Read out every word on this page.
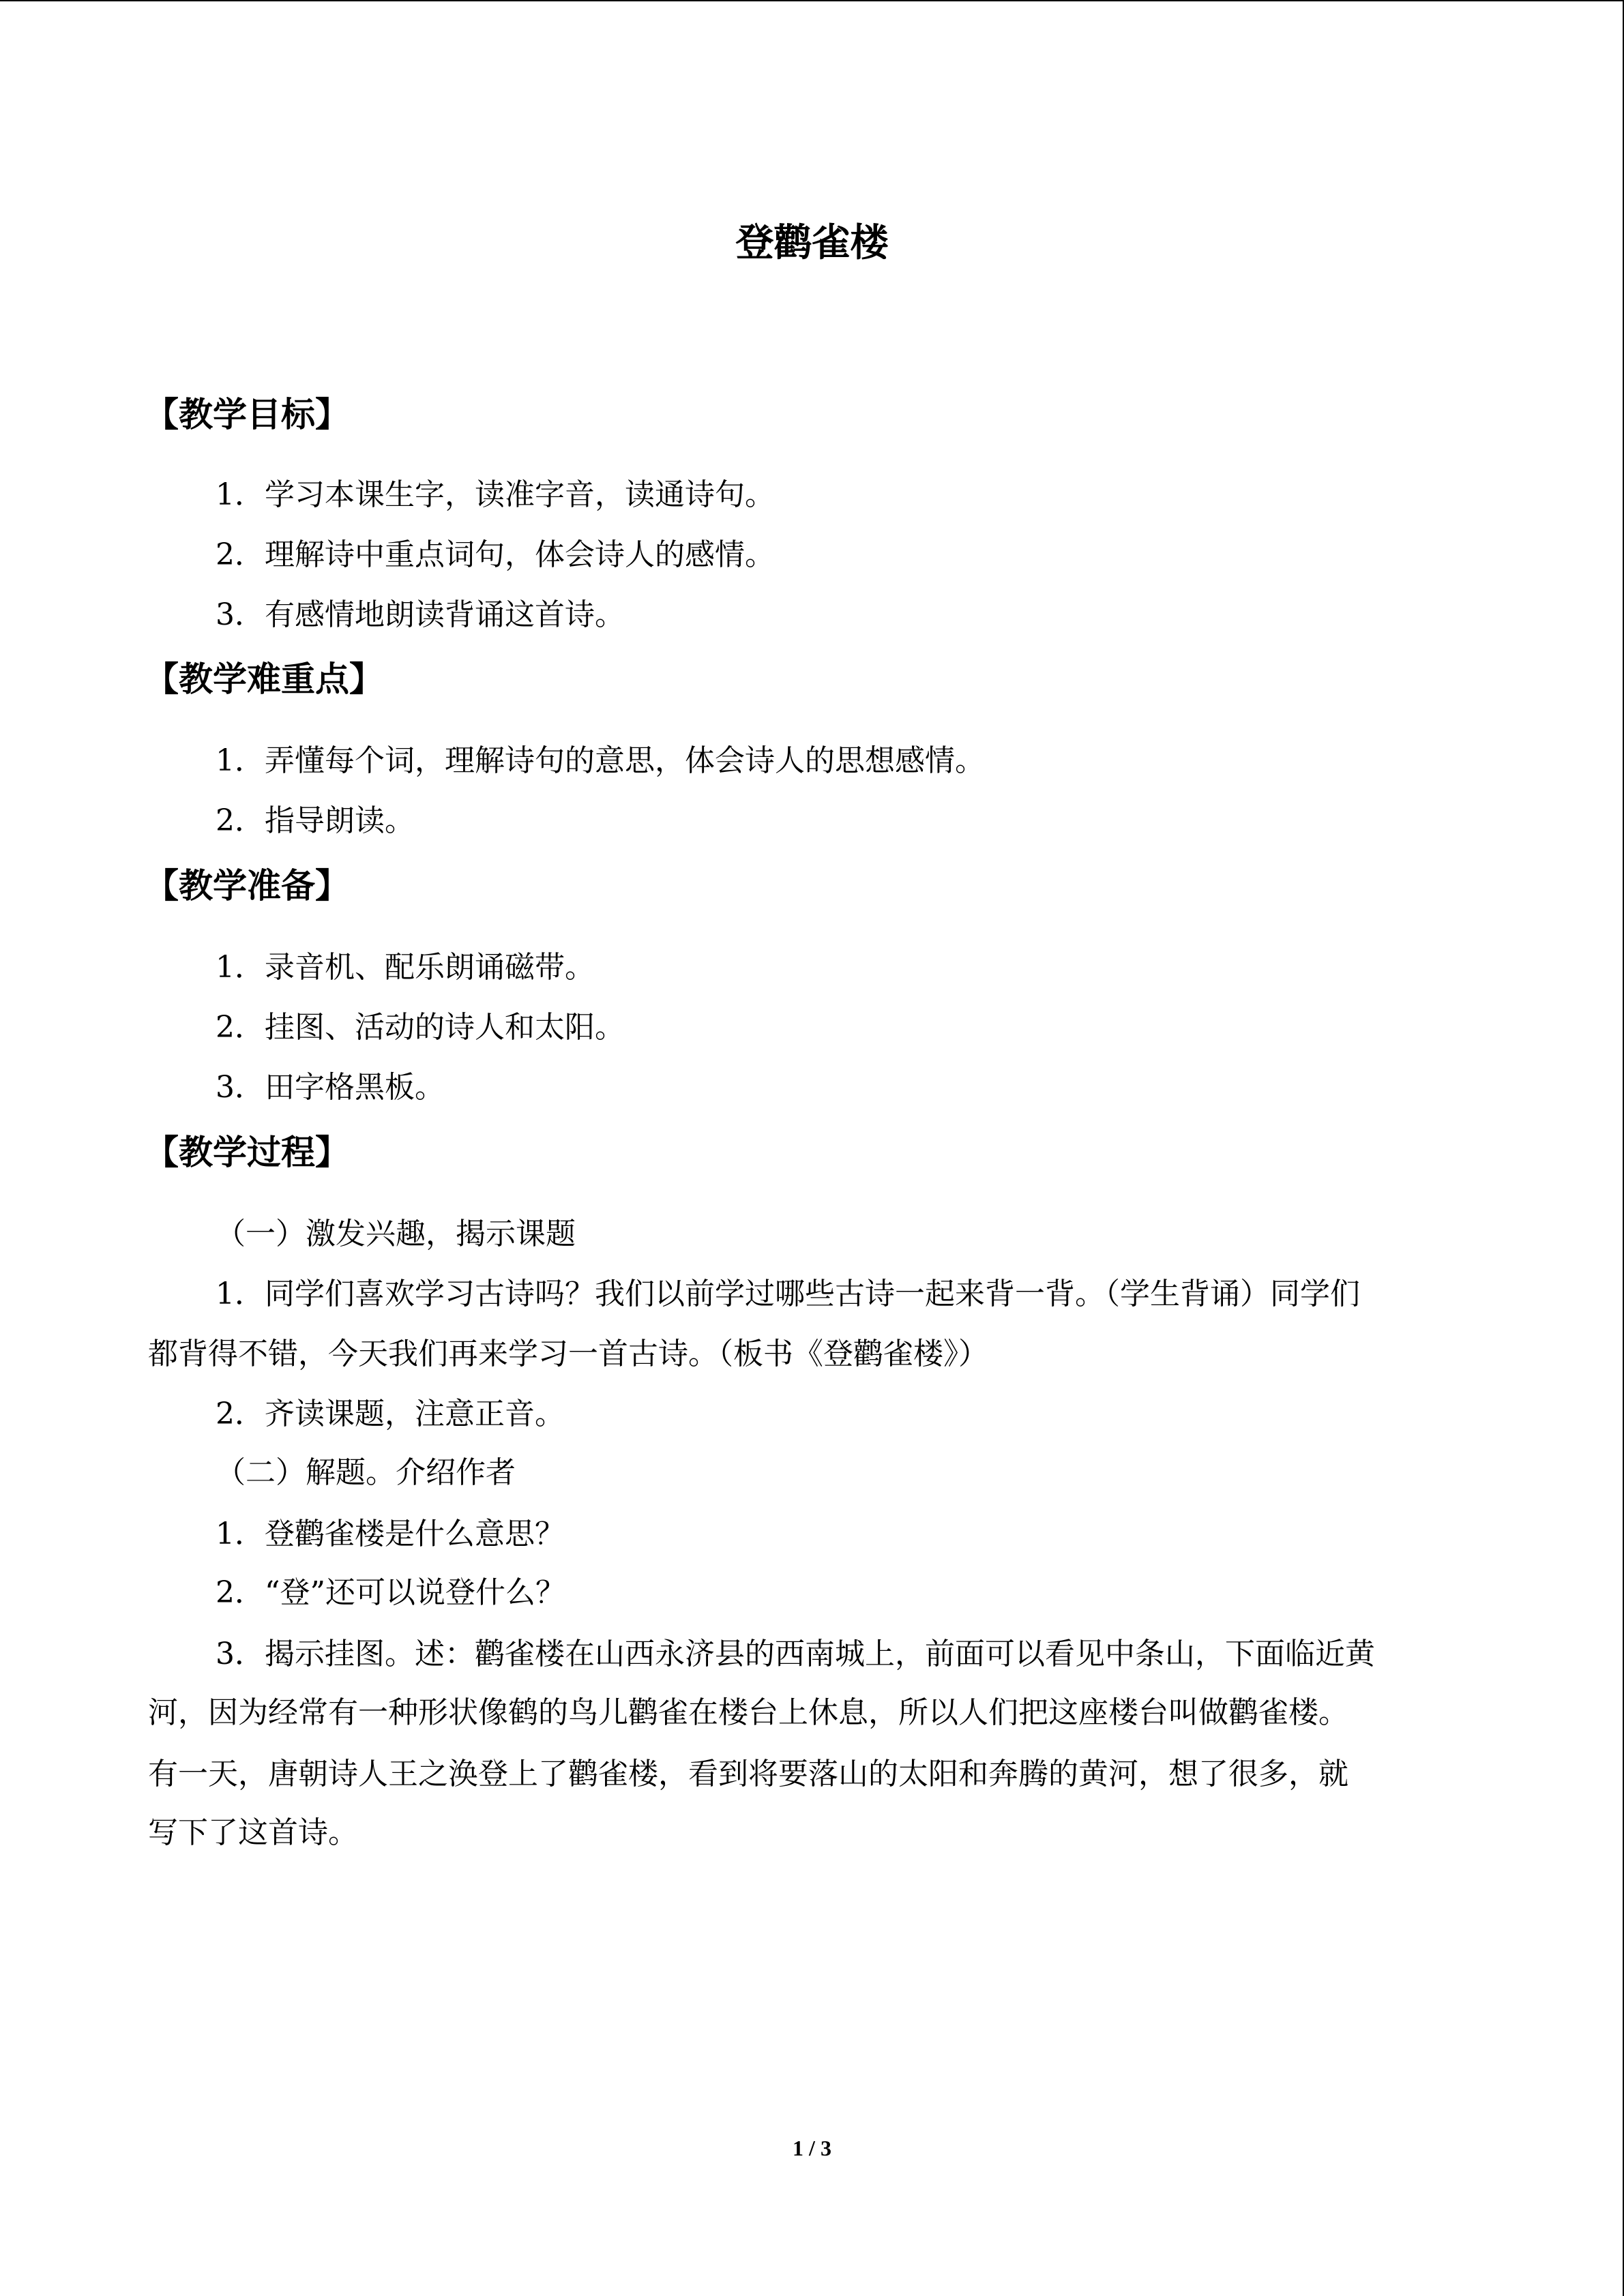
登鹳雀楼
【教学目标】
1．学习本课生字，读准字音，读通诗句。
2．理解诗中重点词句，体会诗人的感情。
3．有感情地朗读背诵这首诗。
【教学难重点】
1．弄懂每个词，理解诗句的意思，体会诗人的思想感情。
2．指导朗读。
【教学准备】
1．录音机、配乐朗诵磁带。
2．挂图、活动的诗人和太阳。
3．田字格黑板。
【教学过程】
（一）激发兴趣，揭示课题
1．同学们喜欢学习古诗吗？我们以前学过哪些古诗一起来背一背。（学生背诵）同学们
都背得不错，今天我们再来学习一首古诗。（板书《登鹳雀楼》）
2．齐读课题，注意正音。
（二）解题。介绍作者
1．登鹳雀楼是什么意思？
2．“登”还可以说登什么？
3．揭示挂图。述：鹳雀楼在山西永济县的西南城上，前面可以看见中条山，下面临近黄
河，因为经常有一种形状像鹤的鸟儿鹳雀在楼台上休息，所以人们把这座楼台叫做鹳雀楼。
有一天，唐朝诗人王之涣登上了鹳雀楼，看到将要落山的太阳和奔腾的黄河，想了很多，就
写下了这首诗。
1 / 3
